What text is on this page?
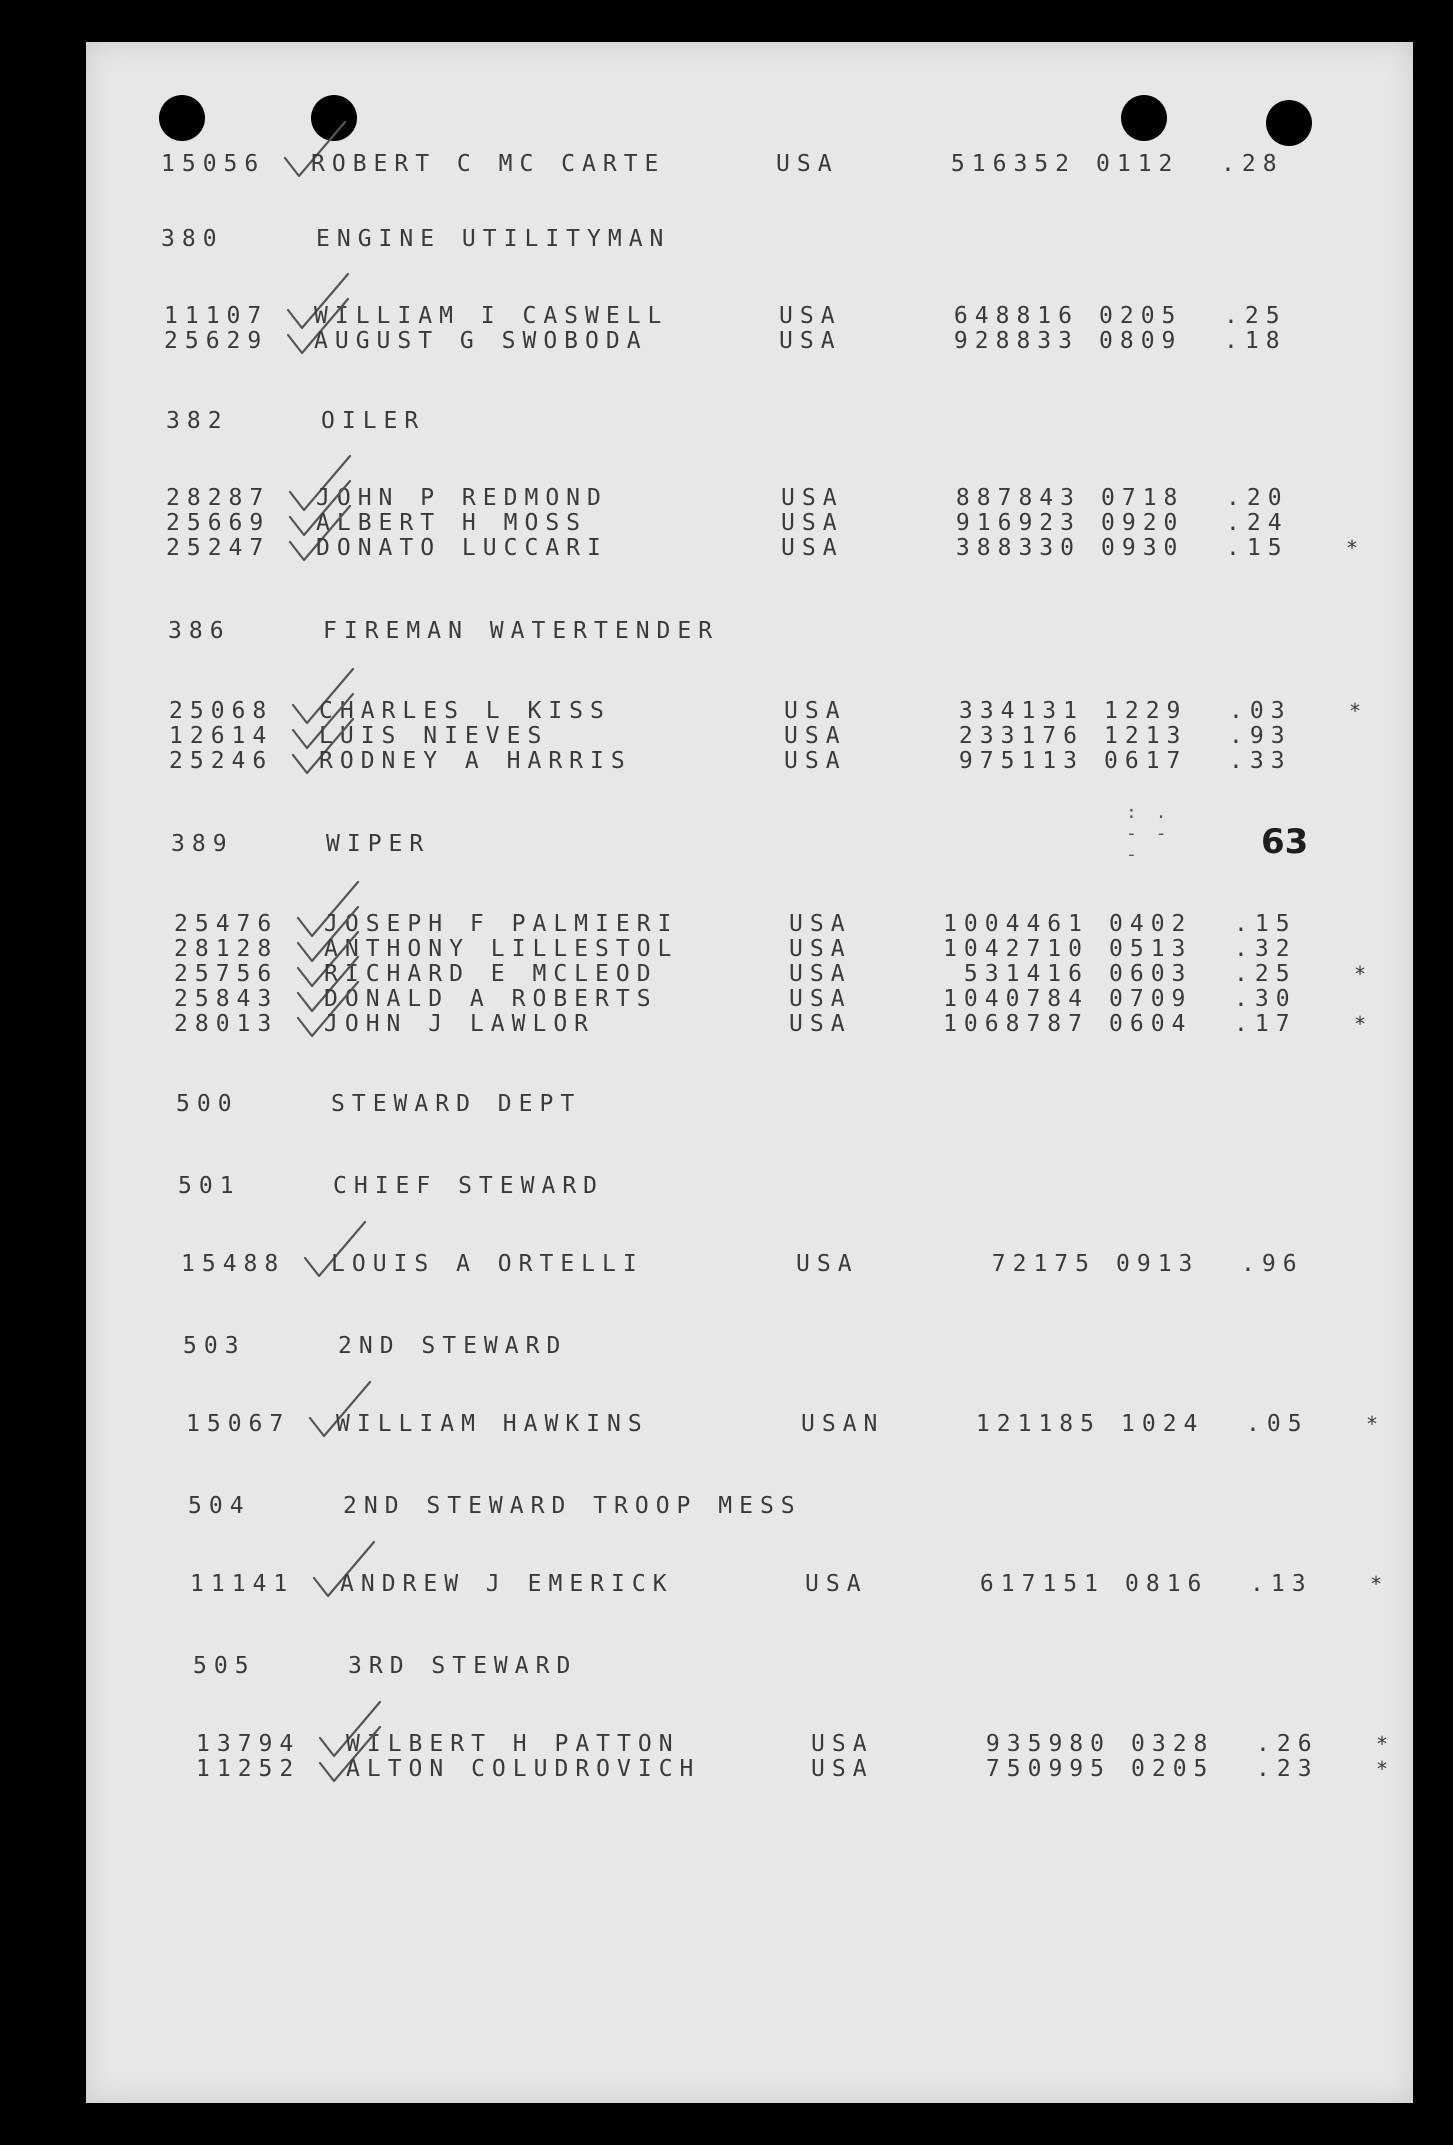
15056 ROBERT C MC CARTE	USA	516352 0112 .28
380	ENGINE UTILITYMAN
11107 WILLIAM I CASWELL	USA	648816 0205 .25
25629 AUGUST G SWOBODA	USA	928833 0809 .18
382	OILER
28287 JOHN P REDMOND	USA	887843 0718 .20
25669 ALBERT H MOSS	USA	916923 0920 .24
25247 DONATO LUCCARI	USA	388330 0930 .15	*
386	FIREMAN WATERTENDER
25068 CHARLES L KISS	USA	334131 1229 .03	*
12614 LUIS NIEVES	USA	233176 1213 .93
25246 RODNEY A HARRIS	USA	975113 0617 .33
389	WIPER
25476 JOSEPH F PALMIERI	USA	1004461 0402 .15
28128 ANTHONY LILLESTOL	USA	1042710 0513 .32
25756 RICHARD E MCLEOD	USA	531416 0603 .25	*
25843 DONALD A ROBERTS	USA	1040784 0709 .30
28013 JOHN J LAWLOR	USA	1068787 0604 .17	*
500	STEWARD DEPT
501	CHIEF STEWARD
15488 LOUIS A ORTELLI	USA	72175 0913 .96
503	2ND STEWARD
15067 WILLIAM HAWKINS	USAN	121185 1024 .05	*
504	2ND STEWARD TROOP MESS
11141 ANDREW J EMERICK	USA	617151 0816 .13	*
505	3RD STEWARD
13794 WILBERT H PATTON	USA	935980 0328 .26	*
11252 ALTON COLUDROVICH	USA	750995 0205 .23	*
: .
- - -	63
